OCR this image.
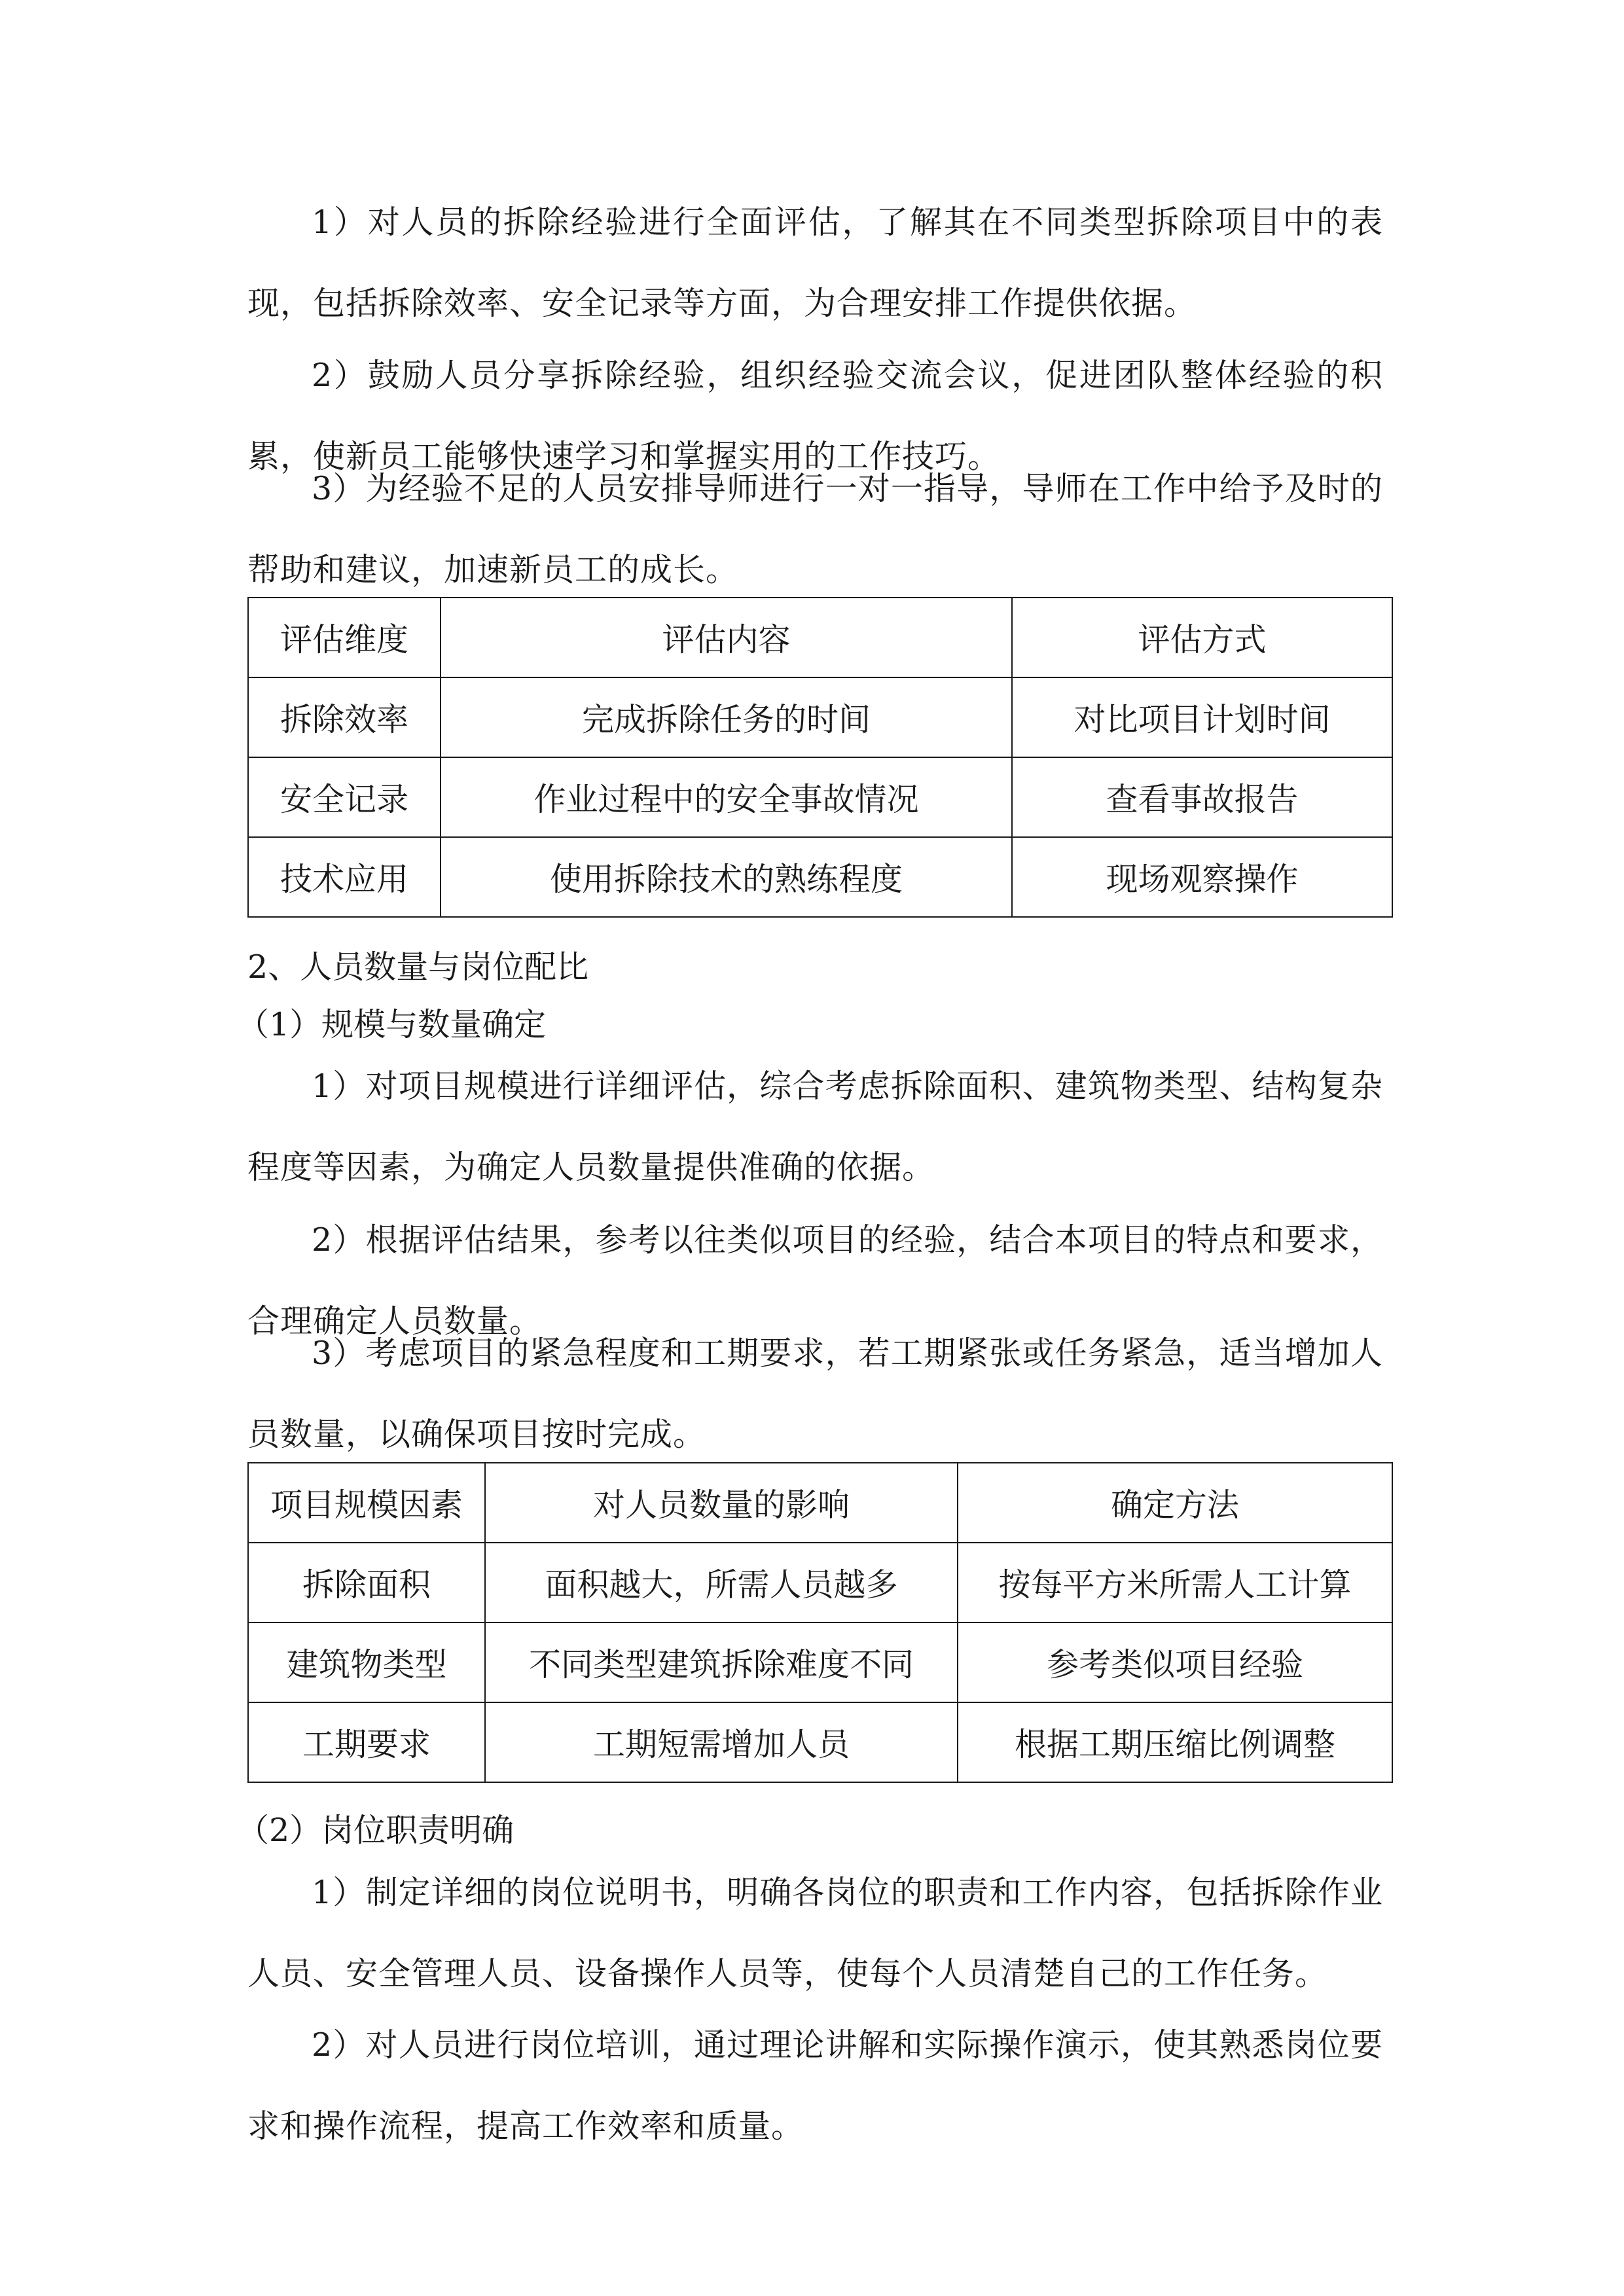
1）对人员的拆除经验进行全面评估，了解其在不同类型拆除项目中的表现，包括拆除效率、安全记录等方面，为合理安排工作提供依据。

2）鼓励人员分享拆除经验，组织经验交流会议，促进团队整体经验的积累，使新员工能够快速学习和掌握实用的工作技巧。

3）为经验不足的人员安排导师进行一对一指导，导师在工作中给予及时的帮助和建议，加速新员工的成长。

评估维度	评估内容	评估方式
拆除效率	完成拆除任务的时间	对比项目计划时间
安全记录	作业过程中的安全事故情况	查看事故报告
技术应用	使用拆除技术的熟练程度	现场观察操作

2、人员数量与岗位配比

（1）规模与数量确定

1）对项目规模进行详细评估，综合考虑拆除面积、建筑物类型、结构复杂程度等因素，为确定人员数量提供准确的依据。

2）根据评估结果，参考以往类似项目的经验，结合本项目的特点和要求，合理确定人员数量。

3）考虑项目的紧急程度和工期要求，若工期紧张或任务紧急，适当增加人员数量，以确保项目按时完成。

项目规模因素	对人员数量的影响	确定方法
拆除面积	面积越大，所需人员越多	按每平方米所需人工计算
建筑物类型	不同类型建筑拆除难度不同	参考类似项目经验
工期要求	工期短需增加人员	根据工期压缩比例调整

（2）岗位职责明确

1）制定详细的岗位说明书，明确各岗位的职责和工作内容，包括拆除作业人员、安全管理人员、设备操作人员等，使每个人员清楚自己的工作任务。

2）对人员进行岗位培训，通过理论讲解和实际操作演示，使其熟悉岗位要求和操作流程，提高工作效率和质量。
